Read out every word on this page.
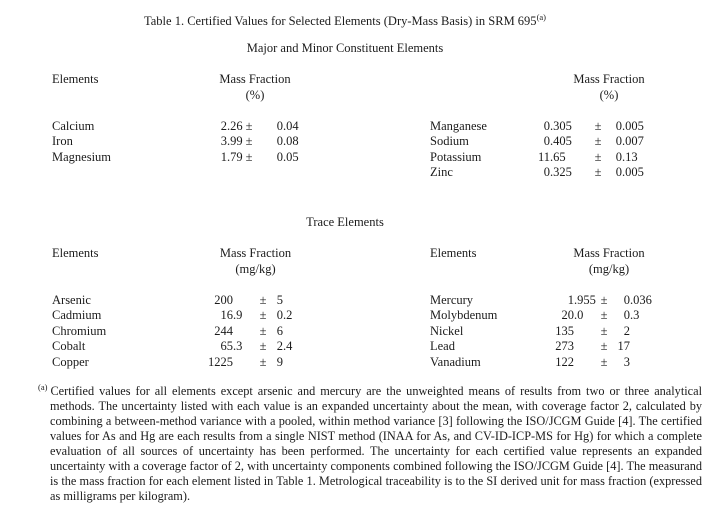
Table 1. Certified Values for Selected Elements (Dry-Mass Basis) in SRM 695$^{(a)}$
Major and Minor Constituent Elements
Elements	Mass Fraction
(%)
Calcium	2.26 ± 0.04
Iron	3.99 ± 0.08
Magnesium	1.79 ± 0.05
Mass Fraction
(%)
Manganese	0.305 ± 0.005
Sodium	0.405 ± 0.007
Potassium	11.65 ± 0.13
Zinc	0.325 ± 0.005
Trace Elements
Elements	Mass Fraction
(mg/kg)
Arsenic	200 ± 5
Cadmium	16.9 ± 0.2
Chromium	244 ± 6
Cobalt	65.3 ± 2.4
Copper	1225 ± 9
Elements	Mass Fraction
(mg/kg)
Mercury	1.955 ± 0.036
Molybdenum	20.0 ± 0.3
Nickel	135 ± 2
Lead	273 ± 17
Vanadium	122 ± 3
$^{(a)}$ Certified values for all elements except arsenic and mercury are the unweighted means of results from two or three analytical methods. The uncertainty listed with each value is an expanded uncertainty about the mean, with coverage factor 2, calculated by combining a between-method variance with a pooled, within method variance [3] following the ISO/JCGM Guide [4]. The certified values for As and Hg are each results from a single NIST method (INAA for As, and CV-ID-ICP-MS for Hg) for which a complete evaluation of all sources of uncertainty has been performed. The uncertainty for each certified value represents an expanded uncertainty with a coverage factor of 2, with uncertainty components combined following the ISO/JCGM Guide [4]. The measurand is the mass fraction for each element listed in Table 1. Metrological traceability is to the SI derived unit for mass fraction (expressed as milligrams per kilogram).
